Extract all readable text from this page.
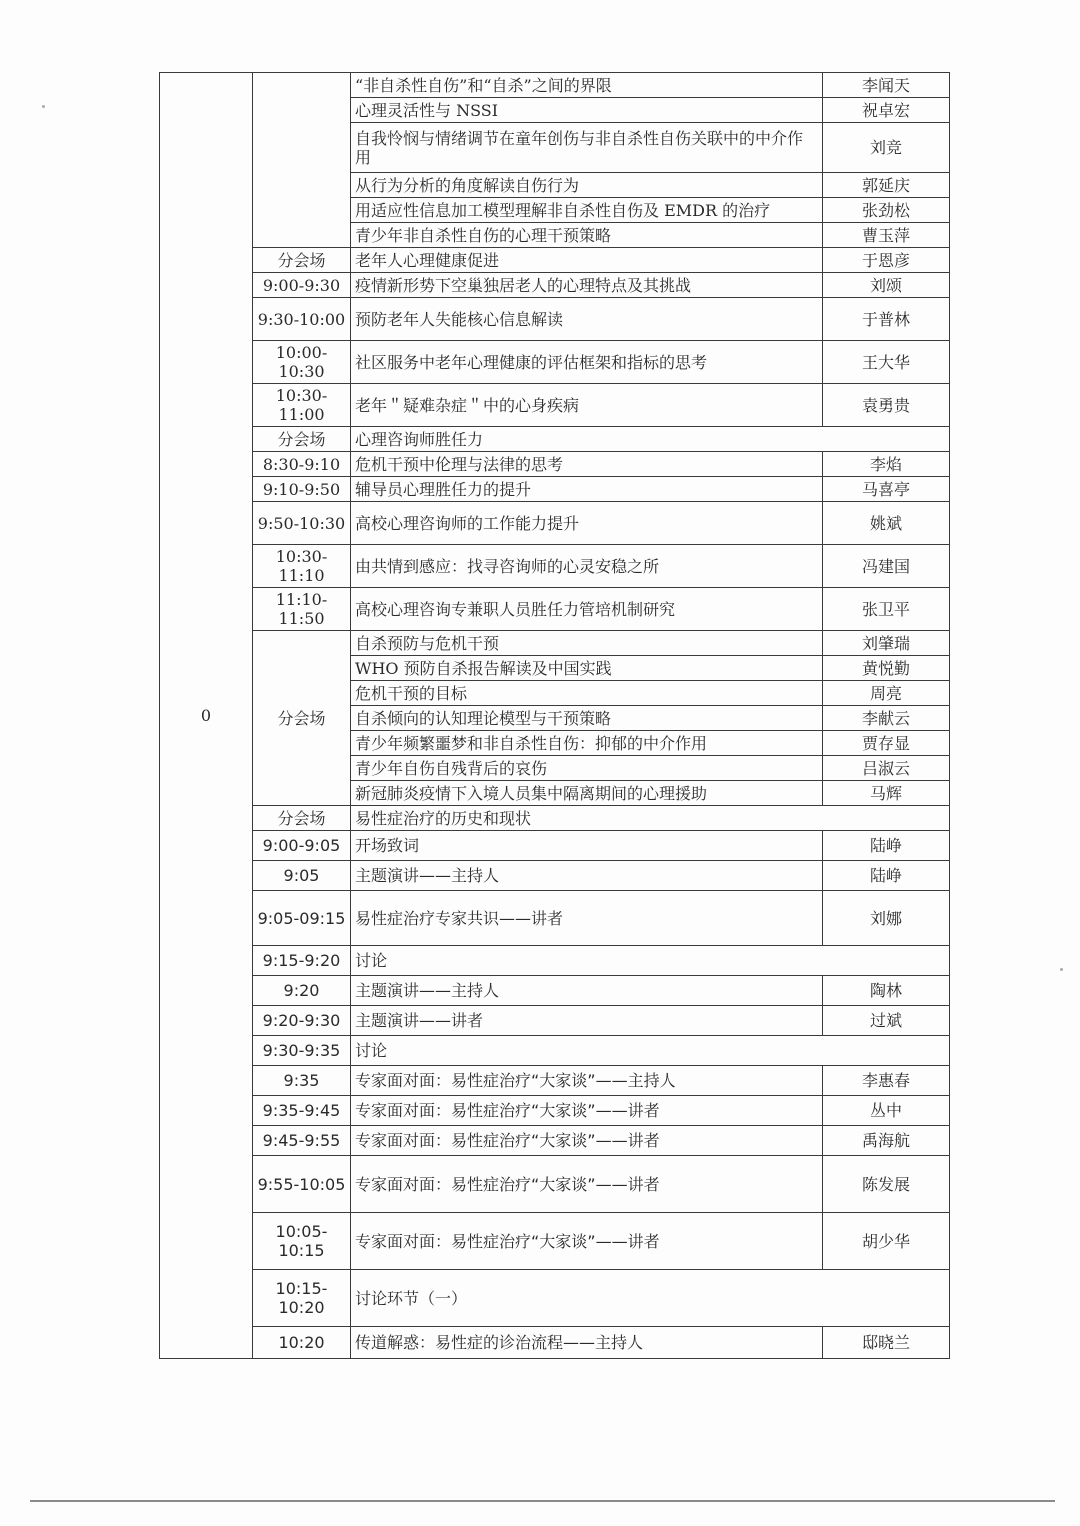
0		“非自杀性自伤”和“自杀”之间的界限	李闻天
		心理灵活性与 NSSI	祝卓宏
		自我怜悯与情绪调节在童年创伤与非自杀性自伤关联中的中介作用	刘竞
		从行为分析的角度解读自伤行为	郭延庆
		用适应性信息加工模型理解非自杀性自伤及 EMDR 的治疗	张劲松
		青少年非自杀性自伤的心理干预策略	曹玉萍
	分会场	老年人心理健康促进	于恩彦
	9:00-9:30	疫情新形势下空巢独居老人的心理特点及其挑战	刘颂
	9:30-10:00	预防老年人失能核心信息解读	于普林
	10:00-10:30	社区服务中老年心理健康的评估框架和指标的思考	王大华
	10:30-11:00	老年＂疑难杂症＂中的心身疾病	袁勇贵
	分会场	心理咨询师胜任力	
	8:30-9:10	危机干预中伦理与法律的思考	李焰
	9:10-9:50	辅导员心理胜任力的提升	马喜亭
	9:50-10:30	高校心理咨询师的工作能力提升	姚斌
	10:30-11:10	由共情到感应：找寻咨询师的心灵安稳之所	冯建国
	11:10-11:50	高校心理咨询专兼职人员胜任力管培机制研究	张卫平
	分会场	自杀预防与危机干预	刘肇瑞
		WHO 预防自杀报告解读及中国实践	黄悦勤
		危机干预的目标	周亮
		自杀倾向的认知理论模型与干预策略	李献云
		青少年频繁噩梦和非自杀性自伤：抑郁的中介作用	贾存显
		青少年自伤自残背后的哀伤	吕淑云
		新冠肺炎疫情下入境人员集中隔离期间的心理援助	马辉
	分会场	易性症治疗的历史和现状	
	9:00-9:05	开场致词	陆峥
	9:05	主题演讲——主持人	陆峥
	9:05-09:15	易性症治疗专家共识——讲者	刘娜
	9:15-9:20	讨论	
	9:20	主题演讲——主持人	陶林
	9:20-9:30	主题演讲——讲者	过斌
	9:30-9:35	讨论	
	9:35	专家面对面：易性症治疗“大家谈”——主持人	李惠春
	9:35-9:45	专家面对面：易性症治疗“大家谈”——讲者	丛中
	9:45-9:55	专家面对面：易性症治疗“大家谈”——讲者	禹海航
	9:55-10:05	专家面对面：易性症治疗“大家谈”——讲者	陈发展
	10:05-10:15	专家面对面：易性症治疗“大家谈”——讲者	胡少华
	10:15-10:20	讨论环节（一）	
	10:20	传道解惑：易性症的诊治流程——主持人	邸晓兰
